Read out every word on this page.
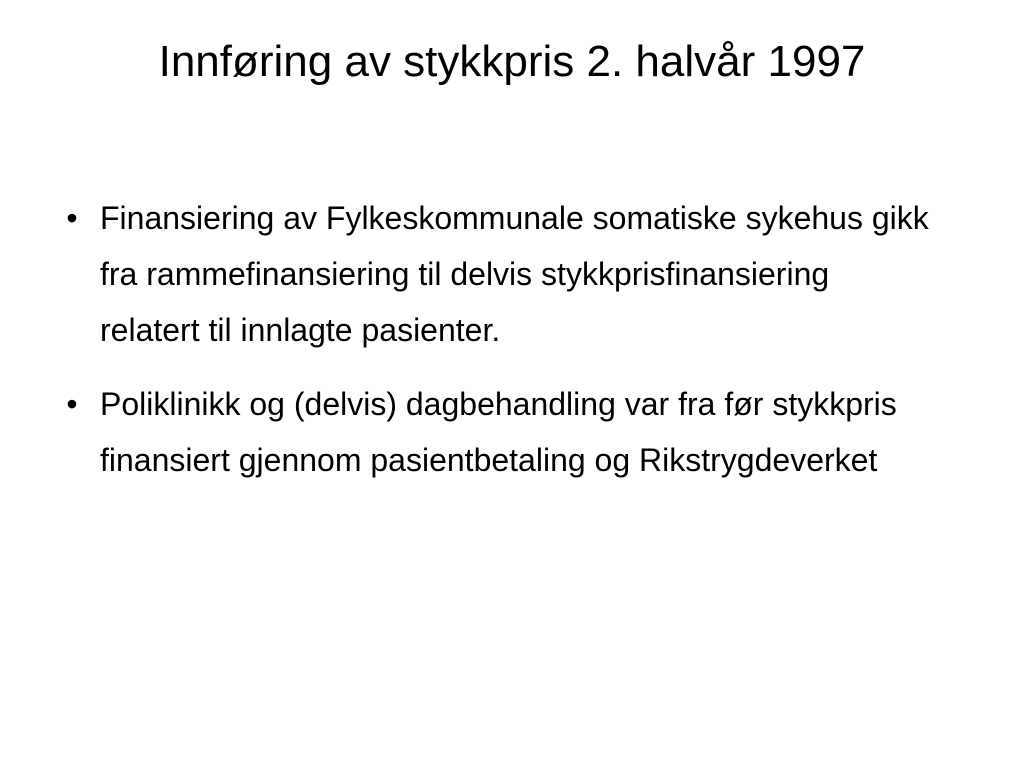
Innføring av stykkpris 2. halvår 1997
• Finansiering av Fylkeskommunale somatiske sykehus gikk fra rammefinansiering til delvis stykkprisfinansiering relatert til innlagte pasienter.
• Poliklinikk og (delvis) dagbehandling var fra før stykkpris finansiert gjennom pasientbetaling og Rikstrygdeverket
